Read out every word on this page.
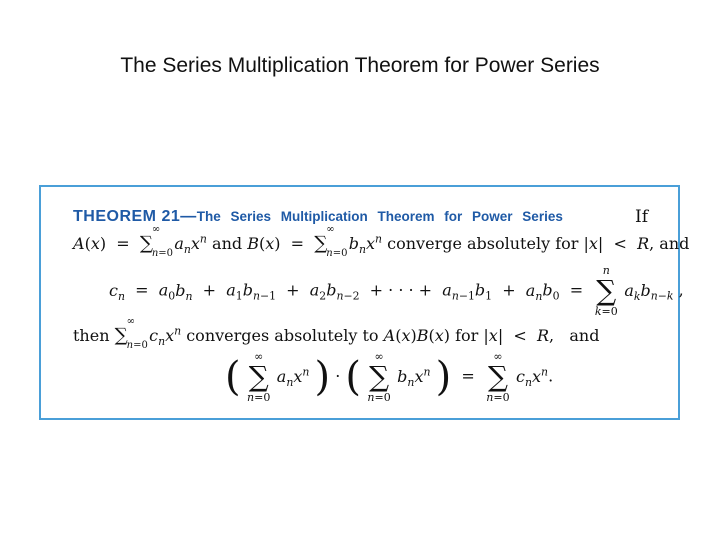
The Series Multiplication Theorem for Power Series
THEOREM 21—The Series Multiplication Theorem for Power Series	If
A(x)  =  ∑
∞
n=0
$a_nx^n$ and B(x)  =  ∑
∞
n=0
$b_nx^n$ converge absolutely for |x|  <  R, and
$c_n = a_0b_n + a_1b_{n-1} + a_2b_{n-2}$  + · · · +  $a_{n-1}b_1 + a_nb_0$  =
n
∑
k=0
$a_kb_{n-k}$ ,
then ∑
∞
n=0
$c_nx^n$ converges absolutely to A(x)B(x) for |x|  <  R,   and
(	∞
∑
n=0
$a_nx^n$ ) · (	∞
∑
n=0
$b_nx^n$ )  =
∞
∑
n=0
$c_nx^n$.
